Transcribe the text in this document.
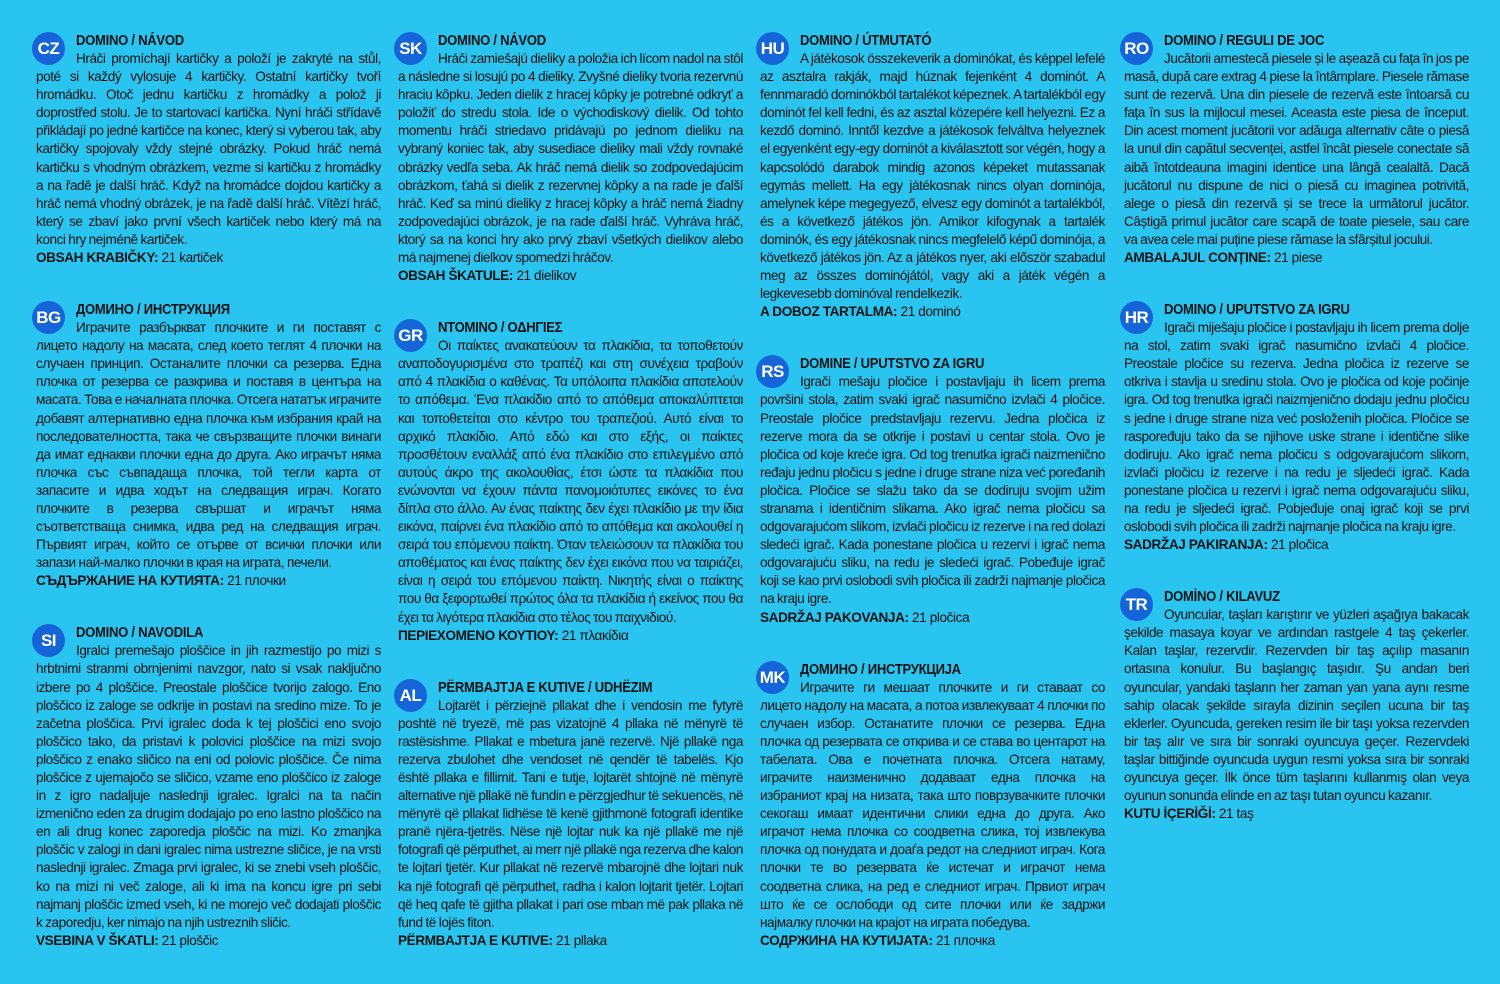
CZ	DOMINO / NÁVOD

Hráči promíchají kartičky a položí je zakryté na stůl, poté si každý vylosuje 4 kartičky. Ostatní kartičky tvoří hromádku. Otoč jednu kartičku z hromádky a polož ji doprostřed stolu. Je to startovací kartička. Nyní hráči střídavě přikládají po jedné kartičce na konec, který si vyberou tak, aby kartičky spojovaly vždy stejné obrázky. Pokud hráč nemá kartičku s vhodným obrázkem, vezme si kartičku z hromádky a na řadě je další hráč. Když na hromádce dojdou kartičky a hráč nemá vhodný obrázek, je na řadě další hráč. Vítězí hráč, který se zbaví jako první všech kartiček nebo který má na konci hry nejméně kartiček.

OBSAH KRABIČKY: 21 kartiček

BG ДОМИНО / ИНСТРУКЦИЯ

Играчите разбъркват плочките и ги поставят с лицето надолу на масата, след което теглят 4 плочки на случаен принцип. Останалите плочки са резерва. Една плочка от резерва се разкрива и поставя в центъра на масата. Това е началната плочка. Отсега нататък играчите добавят алтернативно една плочка към избрания край на последователността, така че свързващите плочки винаги да имат еднакви плочки една до друга. Ако играчът няма плочка със съвпадаща плочка, той тегли карта от запасите и идва ходът на следващия играч. Когато плочките в резерва свършат и играчът няма съответстваща снимка, идва ред на следващия играч. Първият играч, който се отърве от всички плочки или запази най-малко плочки в края на играта, печели.

СЪДЪРЖАНИЕ НА КУТИЯТА: 21 плочки

SI	DOMINO / NAVODILA

Igralci premešajo ploščice in jih razmestijo po mizi s hrbtnimi stranmi obrnjenimi navzgor, nato si vsak naključno izbere po 4 ploščice. Preostale ploščice tvorijo zalogo. Eno ploščico iz zaloge se odkrije in postavi na sredino mize. To je začetna ploščica. Prvi igralec doda k tej ploščici eno svojo ploščico tako, da pristavi k polovici ploščice na mizi svojo ploščico z enako sličico na eni od polovic ploščice. Če nima ploščice z ujemajočo se sličico, vzame eno ploščico iz zaloge in z igro nadaljuje naslednji igralec. Igralci na ta način izmenično eden za drugim dodajajo po eno lastno ploščico na en ali drug konec zaporedja ploščic na mizi. Ko zmanjka ploščic v zalogi in dani igralec nima ustrezne sličice, je na vrsti naslednji igralec. Zmaga prvi igralec, ki se znebi vseh ploščic, ko na mizi ni več zaloge, ali ki ima na koncu igre pri sebi najmanj ploščic izmed vseh, ki ne morejo več dodajati ploščic k zaporedju, ker nimajo na njih ustreznih sličic.

VSEBINA V ŠKATLI: 21 ploščic

SK	DOMINO / NÁVOD

Hráči zamiešajú dieliky a položia ich lícom nadol na stôl a následne si losujú po 4 dieliky. Zvyšné dieliky tvoria rezervnú hraciu kôpku. Jeden dielik z hracej kôpky je potrebné odkryť a položiť do stredu stola. Ide o východiskový dielik. Od tohto momentu hráči striedavo pridávajú po jednom dieliku na vybraný koniec tak, aby susediace dieliky mali vždy rovnaké obrázky vedľa seba. Ak hráč nemá dielik so zodpovedajúcim obrázkom, ťahá si dielik z rezervnej kôpky a na rade je ďalší hráč. Keď sa minú dieliky z hracej kôpky a hráč nemá žiadny zodpovedajúci obrázok, je na rade ďalší hráč. Vyhráva hráč, ktorý sa na konci hry ako prvý zbaví všetkých dielikov alebo má najmenej dielkov spomedzi hráčov.

OBSAH ŠKATULE: 21 dielikov

GR ΝΤΟΜΙΝΟ / ΟΔΗΓΙΕΣ

Οι παίκτες ανακατεύουν τα πλακίδια, τα τοποθετούν αναποδογυρισμένα στο τραπέζι και στη συνέχεια τραβούν από 4 πλακίδια ο καθένας. Τα υπόλοιπα πλακίδια αποτελούν το απόθεμα. Ένα πλακίδιο από το απόθεμα αποκαλύπτεται και τοποθετείται στο κέντρο του τραπεζιού. Αυτό είναι το αρχικό πλακίδιο. Από εδώ και στο εξής, οι παίκτες προσθέτουν εναλλάξ από ένα πλακίδιο στο επιλεγμένο από αυτούς άκρο της ακολουθίας, έτσι ώστε τα πλακίδια που ενώνονται να έχουν πάντα πανομοιότυπες εικόνες το ένα δίπλα στο άλλο. Αν ένας παίκτης δεν έχει πλακίδιο με την ίδια εικόνα, παίρνει ένα πλακίδιο από το απόθεμα και ακολουθεί η σειρά του επόμενου παίκτη. Όταν τελειώσουν τα πλακίδια του αποθέματος και ένας παίκτης δεν έχει εικόνα που να ταιριάζει, είναι η σειρά του επόμενου παίκτη. Νικητής είναι ο παίκτης που θα ξεφορτωθεί πρώτος όλα τα πλακίδια ή εκείνος που θα έχει τα λιγότερα πλακίδια στο τέλος του παιχνιδιού.

ΠΕΡΙΕΧΟΜΕΝΟ ΚΟΥΤΙΟΥ: 21 πλακίδια

AL	PËRMBAJTJA E KUTIVE / UDHËZIM

Lojtarët i përziejnë pllakat dhe i vendosin me fytyrë poshtë në tryezë, më pas vizatojnë 4 pllaka në mënyrë të rastësishme. Pllakat e mbetura janë rezervë. Një pllakë nga rezerva zbulohet dhe vendoset në qendër të tabelës. Kjo është pllaka e fillimit. Tani e tutje, lojtarët shtojnë në mënyrë alternative një pllakë në fundin e përzgjedhur të sekuencës, në mënyrë që pllakat lidhëse të kenë gjithmonë fotografi identike pranë njëra-tjetrës. Nëse një lojtar nuk ka një pllakë me një fotografi që përputhet, ai merr një pllakë nga rezerva dhe kalon te lojtari tjetër. Kur pllakat në rezervë mbarojnë dhe lojtari nuk ka një fotografi që përputhet, radha i kalon lojtarit tjetër. Lojtari që heq qafe të gjitha pllakat i pari ose mban më pak pllaka në fund të lojës fiton.

PËRMBAJTJA E KUTIVE: 21 pllaka

HU	DOMINO / ÚTMUTATÓ

A játékosok összekeverik a dominókat, és képpel lefelé az asztalra rakják, majd húznak fejenként 4 dominót. A fennmaradó dominókból tartalékot képeznek. A tartalékból egy dominót fel kell fedni, és az asztal közepére kell helyezni. Ez a kezdő dominó. Inntől kezdve a játékosok felváltva helyeznek el egyenként egy-egy dominót a kiválasztott sor végén, hogy a kapcsolódó darabok mindig azonos képeket mutassanak egymás mellett. Ha egy játékosnak nincs olyan dominója, amelynek képe megegyező, elvesz egy dominót a tartalékból, és a következő játékos jön. Amikor kifogynak a tartalék dominók, és egy játékosnak nincs megfelelő képű dominója, a következő játékos jön. Az a játékos nyer, aki először szabadul meg az összes dominójától, vagy aki a játék végén a legkevesebb dominóval rendelkezik.

A DOBOZ TARTALMA: 21 dominó

RS	DOMINE / UPUTSTVO ZA IGRU

Igrači mešaju pločice i postavljaju ih licem prema površini stola, zatim svaki igrač nasumično izvlači 4 pločice. Preostale pločice predstavljaju rezervu. Jedna pločica iz rezerve mora da se otkrije i postavi u centar stola. Ovo je pločica od koje kreće igra. Od tog trenutka igrači naizmenično ređaju jednu pločicu s jedne i druge strane niza već poređanih pločica. Pločice se slažu tako da se dodiruju svojim užim stranama i identičnim slikama. Ako igrač nema pločicu sa odgovarajućom slikom, izvlači pločicu iz rezerve i na red dolazi sledeći igrač. Kada ponestane pločica u rezervi i igrač nema odgovarajuću sliku, na redu je sledeći igrač. Pobeđuje igrač koji se kao prvi oslobodi svih pločica ili zadrži najmanje pločica na kraju igre.

SADRŽAJ PAKOVANJA: 21 pločica

MK ДОМИНО / ИНСТРУКЦИЈА

Играчите ги мешаат плочките и ги ставаат со лицето надолу на масата, а потоа извлекуваат 4 плочки по случаен избор. Останатите плочки се резерва. Една плочка од резервата се открива и се става во центарот на табелата. Ова е почетната плочка. Отсега натаму, играчите наизменично додаваат една плочка на избраниот крај на низата, така што поврзувачките плочки секогаш имаат идентични слики една до друга. Ако играчот нема плочка со соодветна слика, тој извлекува плочка од понудата и доаѓа редот на следниот играч. Кога плочки те во резерватa ќе истечат и играчот нема соодветна слика, на ред е следниот играч. Првиот играч што ќе се ослободи од сите плочки или ќе задржи најмалку плочки на крајот на играта победува.

СОДРЖИНА НА КУТИЈАТА: 21 плочка

RO DOMINO / REGULI DE JOC

Jucătorii amestecă piesele și le așează cu fața în jos pe masă, după care extrag 4 piese la întâmplare. Piesele rămase sunt de rezervă. Una din piesele de rezervă este întoarsă cu fața în sus la mijlocul mesei. Aceasta este piesa de început. Din acest moment jucătorii vor adăuga alternativ câte o piesă la unul din capătul secvenței, astfel încât piesele conectate să aibă întotdeauna imagini identice una lângă cealaltă. Dacă jucătorul nu dispune de nici o piesă cu imaginea potrivită, alege o piesă din rezervă și se trece la următorul jucător. Câștigă primul jucător care scapă de toate piesele, sau care va avea cele mai puține piese rămase la sfârșitul jocului.

AMBALAJUL CONȚINE: 21 piese

HR	DOMINO / UPUTSTVO ZA IGRU

Igrači miješaju pločice i postavljaju ih licem prema dolje na stol, zatim svaki igrač nasumično izvlači 4 pločice. Preostale pločice su rezerva. Jedna pločica iz rezerve se otkriva i stavlja u sredinu stola. Ovo je pločica od koje počinje igra. Od tog trenutka igrači naizmjenično dodaju jednu pločicu s jedne i druge strane niza već posloženih pločica. Pločice se raspoređuju tako da se njihove uske strane i identične slike dodiruju. Ako igrač nema pločicu s odgovarajućom slikom, izvlači pločicu iz rezerve i na redu je sljedeći igrač. Kada ponestane pločica u rezervi i igrač nema odgovarajuću sliku, na redu je sljedeći igrač. Pobjeđuje onaj igrač koji se prvi oslobodi svih pločica ili zadrži najmanje pločica na kraju igre.

SADRŽAJ PAKIRANJA: 21 pločica

TR	DOMİNO / KILAVUZ

Oyuncular, taşları karıştırır ve yüzleri aşağıya bakacak şekilde masaya koyar ve ardından rastgele 4 taş çekerler. Kalan taşlar, rezervdir. Rezervden bir taş açılıp masanın ortasına konulur. Bu başlangıç taşıdır. Şu andan beri oyuncular, yandaki taşların her zaman yan yana aynı resme sahip olacak şekilde sırayla dizinin seçilen ucuna bir taş eklerler. Oyuncuda, gereken resim ile bir taşı yoksa rezervden bir taş alır ve sıra bir sonraki oyuncuya geçer. Rezervdeki taşlar bittiğinde oyuncuda uygun resmi yoksa sıra bir sonraki oyuncuya geçer. İlk önce tüm taşlarını kullanmış olan veya oyunun sonunda elinde en az taşı tutan oyuncu kazanır.

KUTU İÇERİĞİ: 21 taş
